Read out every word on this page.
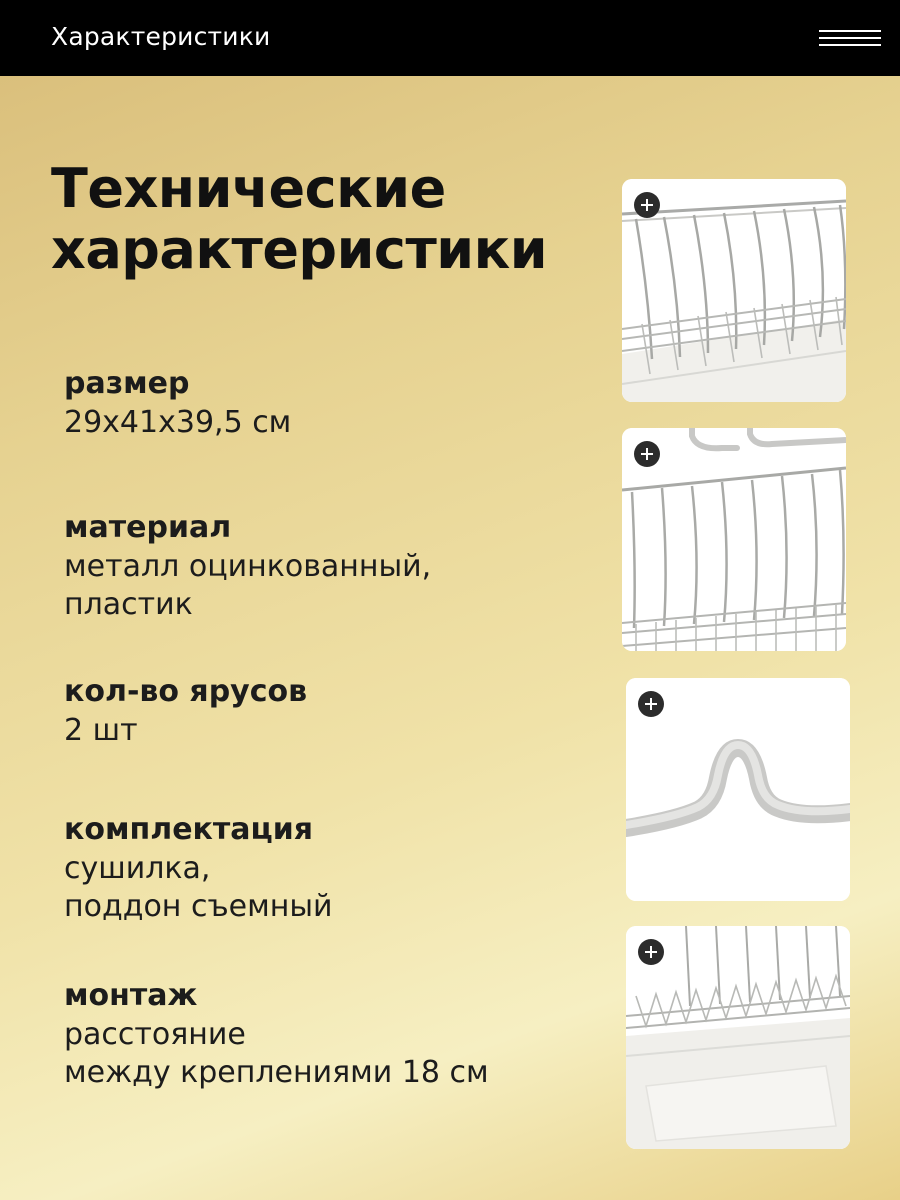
Характеристики
Технические характеристики
размер
29x41x39,5 см
материал
металл оцинкованный,
пластик
кол-во ярусов
2 шт
комплектация
сушилка,
поддон съемный
монтаж
расстояние
между креплениями 18 см
